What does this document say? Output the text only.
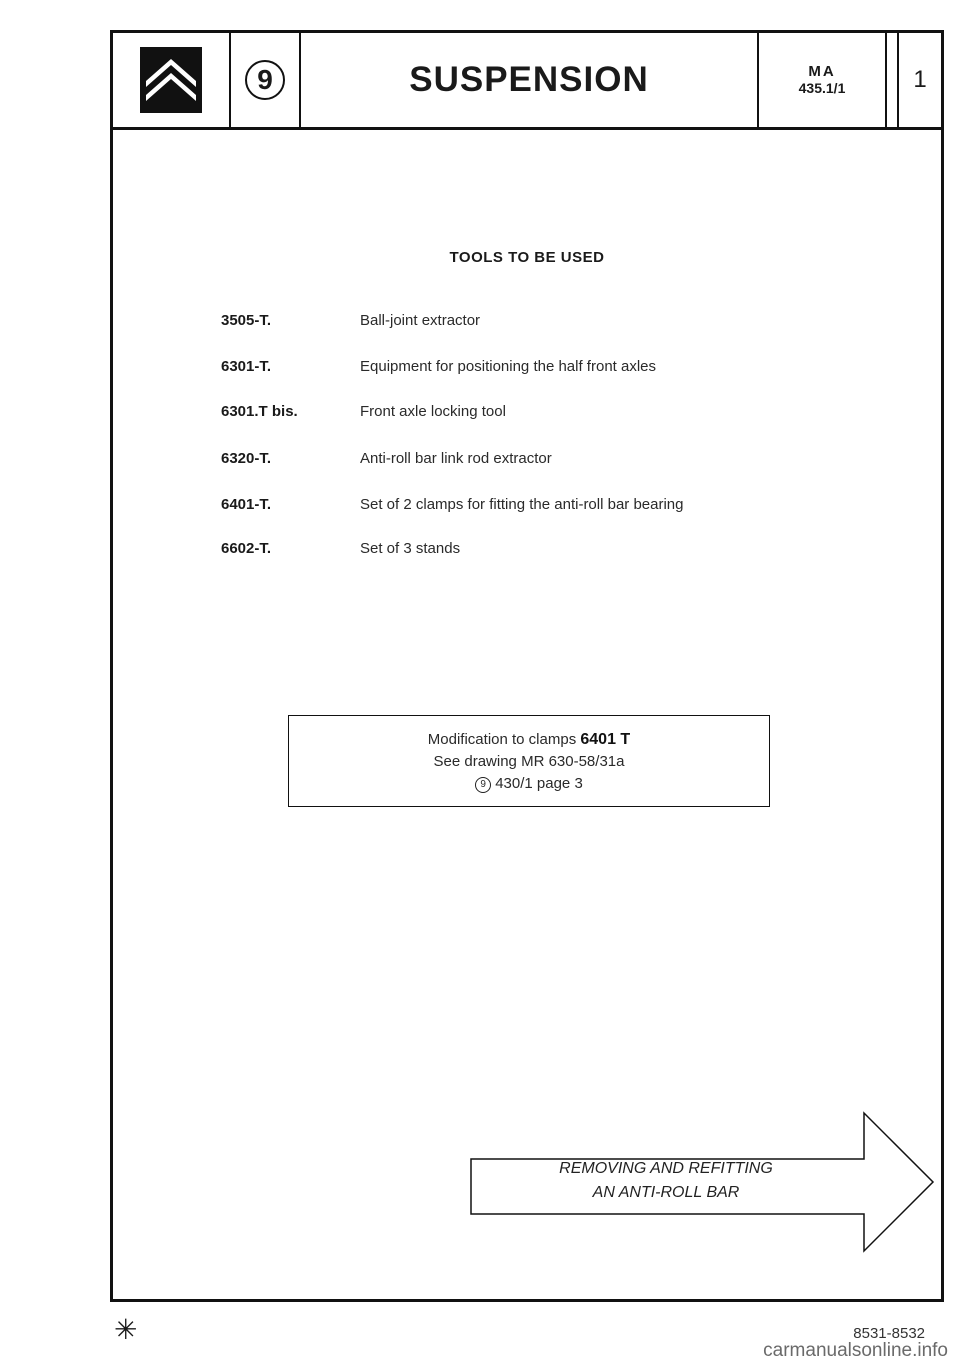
9	SUSPENSION	MA
435.1/1	1
TOOLS TO BE USED
3505-T.	Ball-joint extractor
6301-T.	Equipment for positioning the half front axles
6301.T bis.	Front axle locking tool
6320-T.	Anti-roll bar link rod extractor
6401-T.	Set of 2 clamps for fitting the anti-roll bar bearing
6602-T.	Set of 3 stands
Modification to clamps 6401 T
See drawing MR 630-58/31a
9 430/1 page 3
REMOVING AND REFITTING
AN ANTI-ROLL BAR
✳	8531-8532
carmanualsonline.info
